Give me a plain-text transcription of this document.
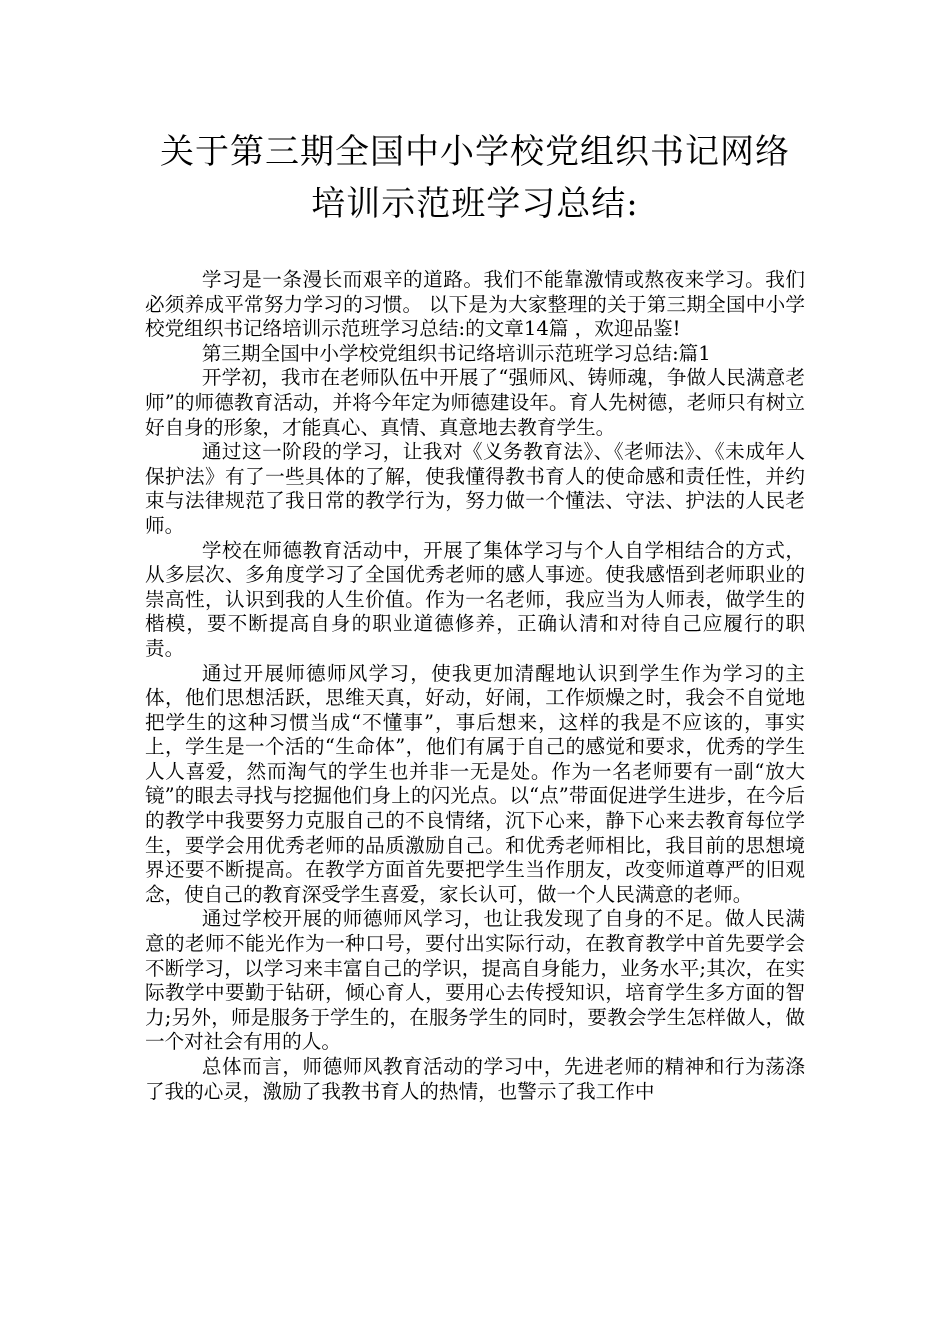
关于第三期全国中小学校党组织书记网络
培训示范班学习总结:

学习是一条漫长而艰辛的道路。我们不能靠激情或熬夜来学习。我们必须养成平常努力学习的习惯。 以下是为大家整理的关于第三期全国中小学校党组织书记络培训示范班学习总结:的文章14篇 ，欢迎品鉴!

第三期全国中小学校党组织书记络培训示范班学习总结:篇1

开学初，我市在老师队伍中开展了“强师风、铸师魂，争做人民满意老师”的师德教育活动，并将今年定为师德建设年。育人先树德，老师只有树立好自身的形象，才能真心、真情、真意地去教育学生。

通过这一阶段的学习，让我对《义务教育法》、《老师法》、《未成年人保护法》有了一些具体的了解，使我懂得教书育人的使命感和责任性，并约束与法律规范了我日常的教学行为，努力做一个懂法、守法、护法的人民老师。

学校在师德教育活动中，开展了集体学习与个人自学相结合的方式，从多层次、多角度学习了全国优秀老师的感人事迹。使我感悟到老师职业的崇高性，认识到我的人生价值。作为一名老师，我应当为人师表，做学生的楷模，要不断提高自身的职业道德修养，正确认清和对待自己应履行的职责。

通过开展师德师风学习，使我更加清醒地认识到学生作为学习的主体，他们思想活跃，思维天真，好动，好闹，工作烦燥之时，我会不自觉地把学生的这种习惯当成“不懂事”，事后想来，这样的我是不应该的，事实上，学生是一个活的“生命体”，他们有属于自己的感觉和要求，优秀的学生人人喜爱，然而淘气的学生也并非一无是处。作为一名老师要有一副“放大镜”的眼去寻找与挖掘他们身上的闪光点。以“点”带面促进学生进步，在今后的教学中我要努力克服自己的不良情绪，沉下心来，静下心来去教育每位学生，要学会用优秀老师的品质激励自己。和优秀老师相比，我目前的思想境界还要不断提高。在教学方面首先要把学生当作朋友，改变师道尊严的旧观念，使自己的教育深受学生喜爱，家长认可，做一个人民满意的老师。

通过学校开展的师德师风学习，也让我发现了自身的不足。做人民满意的老师不能光作为一种口号，要付出实际行动，在教育教学中首先要学会不断学习，以学习来丰富自己的学识，提高自身能力，业务水平;其次，在实际教学中要勤于钻研，倾心育人，要用心去传授知识，培育学生多方面的智力;另外，师是服务于学生的，在服务学生的同时，要教会学生怎样做人，做一个对社会有用的人。

总体而言，师德师风教育活动的学习中，先进老师的精神和行为荡涤了我的心灵，激励了我教书育人的热情，也警示了我工作中
